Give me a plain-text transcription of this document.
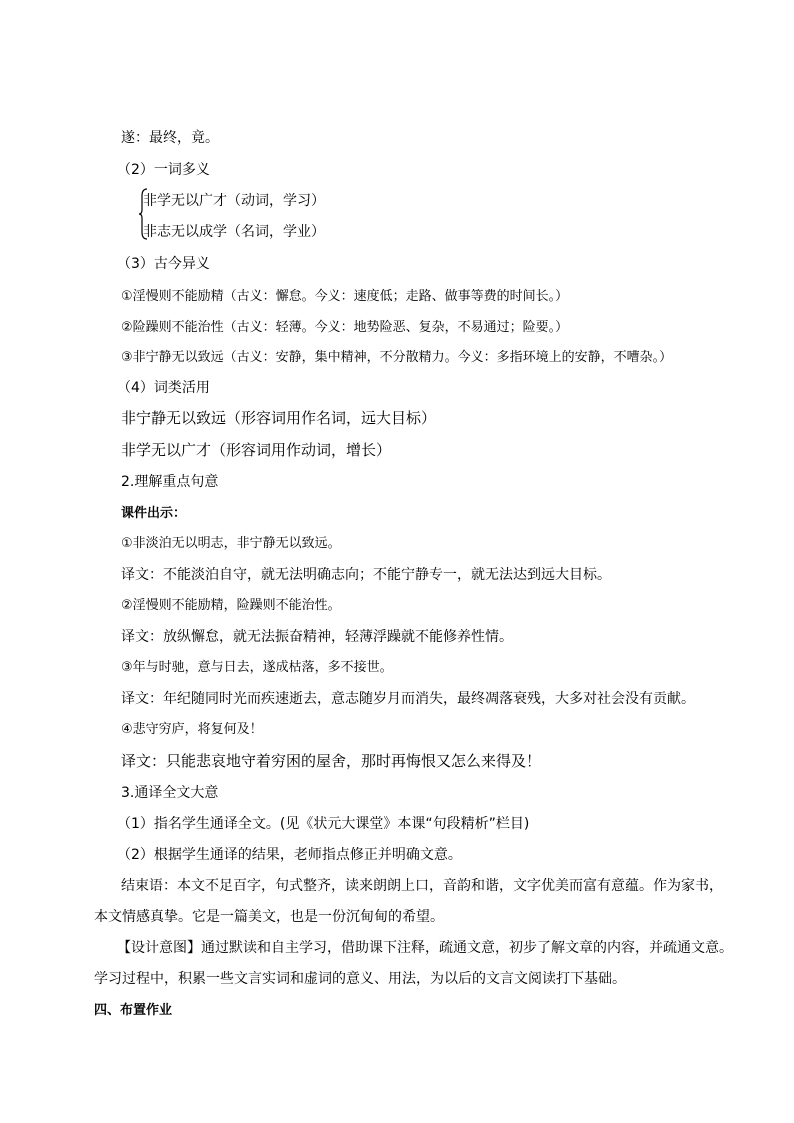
遂：最终，竟。
（2）一词多义
非学无以广才（动词，学习）
非志无以成学（名词，学业）
（3）古今异义
①淫慢则不能励精（古义：懈怠。今义：速度低；走路、做事等费的时间长。）
②险躁则不能治性（古义：轻薄。今义：地势险恶、复杂，不易通过；险要。）
③非宁静无以致远（古义：安静，集中精神，不分散精力。今义：多指环境上的安静，不嘈杂。）
（4）词类活用
非宁静无以致远（形容词用作名词，远大目标）
非学无以广才（形容词用作动词，增长）
2.理解重点句意
课件出示：
①非淡泊无以明志，非宁静无以致远。
译文：不能淡泊自守，就无法明确志向；不能宁静专一，就无法达到远大目标。
②淫慢则不能励精，险躁则不能治性。
译文：放纵懈怠，就无法振奋精神，轻薄浮躁就不能修养性情。
③年与时驰，意与日去，遂成枯落，多不接世。
译文：年纪随同时光而疾速逝去，意志随岁月而消失，最终凋落衰残，大多对社会没有贡献。
④悲守穷庐，将复何及！
译文：只能悲哀地守着穷困的屋舍，那时再悔恨又怎么来得及！
3.通译全文大意
（1）指名学生通译全文。(见《状元大课堂》本课“句段精析”栏目)
（2）根据学生通译的结果，老师指点修正并明确文意。
结束语：本文不足百字，句式整齐，读来朗朗上口，音韵和谐，文字优美而富有意蕴。作为家书，
本文情感真挚。它是一篇美文，也是一份沉甸甸的希望。
【设计意图】通过默读和自主学习，借助课下注释，疏通文意，初步了解文章的内容，并疏通文意。
学习过程中，积累一些文言实词和虚词的意义、用法，为以后的文言文阅读打下基础。
四、布置作业
